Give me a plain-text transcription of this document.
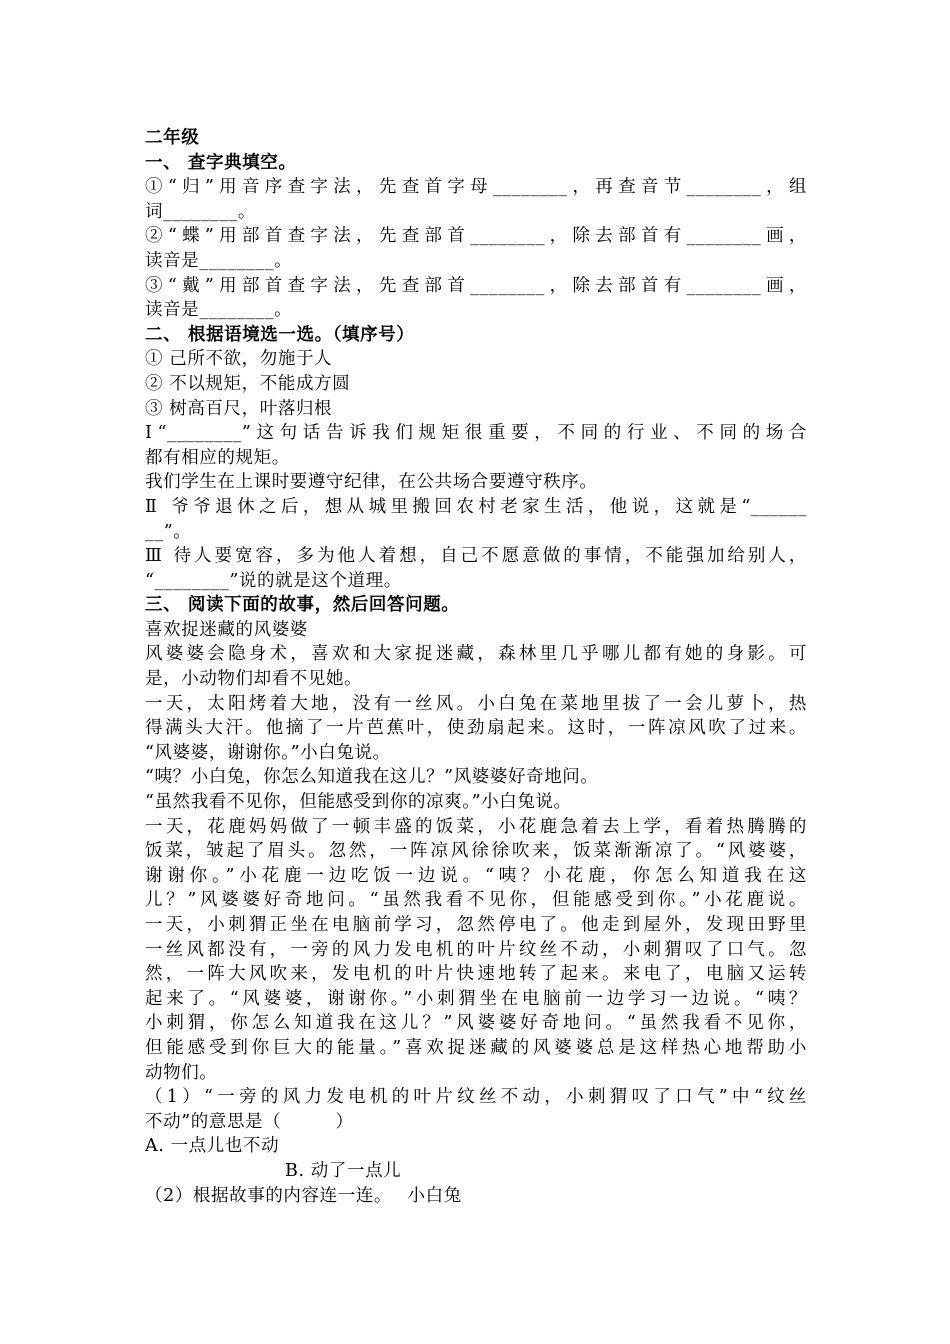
二年级
一、 查字典填空。
①“归”用音序查字法，先查首字母________，再查音节________，组
词________。
②“蝶”用部首查字法，先查部首________，除去部首有________画，
读音是________。
③“戴”用部首查字法，先查部首________，除去部首有________画，
读音是________。
二、 根据语境选一选。（填序号）
① 己所不欲，勿施于人
② 不以规矩，不能成方圆
③ 树高百尺，叶落归根
Ⅰ“________”这句话告诉我们规矩很重要，不同的行业、不同的场合
都有相应的规矩。
我们学生在上课时要遵守纪律，在公共场合要遵守秩序。
Ⅱ 爷爷退休之后，想从城里搬回农村老家生活，他说，这就是“______
__”。
Ⅲ 待人要宽容，多为他人着想，自己不愿意做的事情，不能强加给别人，
“________”说的就是这个道理。
三、 阅读下面的故事，然后回答问题。
喜欢捉迷藏的风婆婆
风婆婆会隐身术，喜欢和大家捉迷藏，森林里几乎哪儿都有她的身影。可
是，小动物们却看不见她。
一天，太阳烤着大地，没有一丝风。小白兔在菜地里拔了一会儿萝卜，热
得满头大汗。他摘了一片芭蕉叶，使劲扇起来。这时，一阵凉风吹了过来。
“风婆婆，谢谢你。”小白兔说。
“咦？小白兔，你怎么知道我在这儿？”风婆婆好奇地问。
“虽然我看不见你，但能感受到你的凉爽。”小白兔说。
一天，花鹿妈妈做了一顿丰盛的饭菜，小花鹿急着去上学，看着热腾腾的
饭菜，皱起了眉头。忽然，一阵凉风徐徐吹来，饭菜渐渐凉了。“风婆婆，
谢谢你。”小花鹿一边吃饭一边说。“咦？小花鹿，你怎么知道我在这
儿？”风婆婆好奇地问。“虽然我看不见你，但能感受到你。”小花鹿说。
一天，小刺猬正坐在电脑前学习，忽然停电了。他走到屋外，发现田野里
一丝风都没有，一旁的风力发电机的叶片纹丝不动，小刺猬叹了口气。忽
然，一阵大风吹来，发电机的叶片快速地转了起来。来电了，电脑又运转
起来了。“风婆婆，谢谢你。”小刺猬坐在电脑前一边学习一边说。“咦？
小刺猬，你怎么知道我在这儿？”风婆婆好奇地问。“虽然我看不见你，
但能感受到你巨大的能量。”喜欢捉迷藏的风婆婆总是这样热心地帮助小
动物们。
（1）“一旁的风力发电机的叶片纹丝不动，小刺猬叹了口气”中“纹丝
不动”的意思是（　　　）
A. 一点儿也不动
B. 动了一点儿
（2）根据故事的内容连一连。　 小白兔
